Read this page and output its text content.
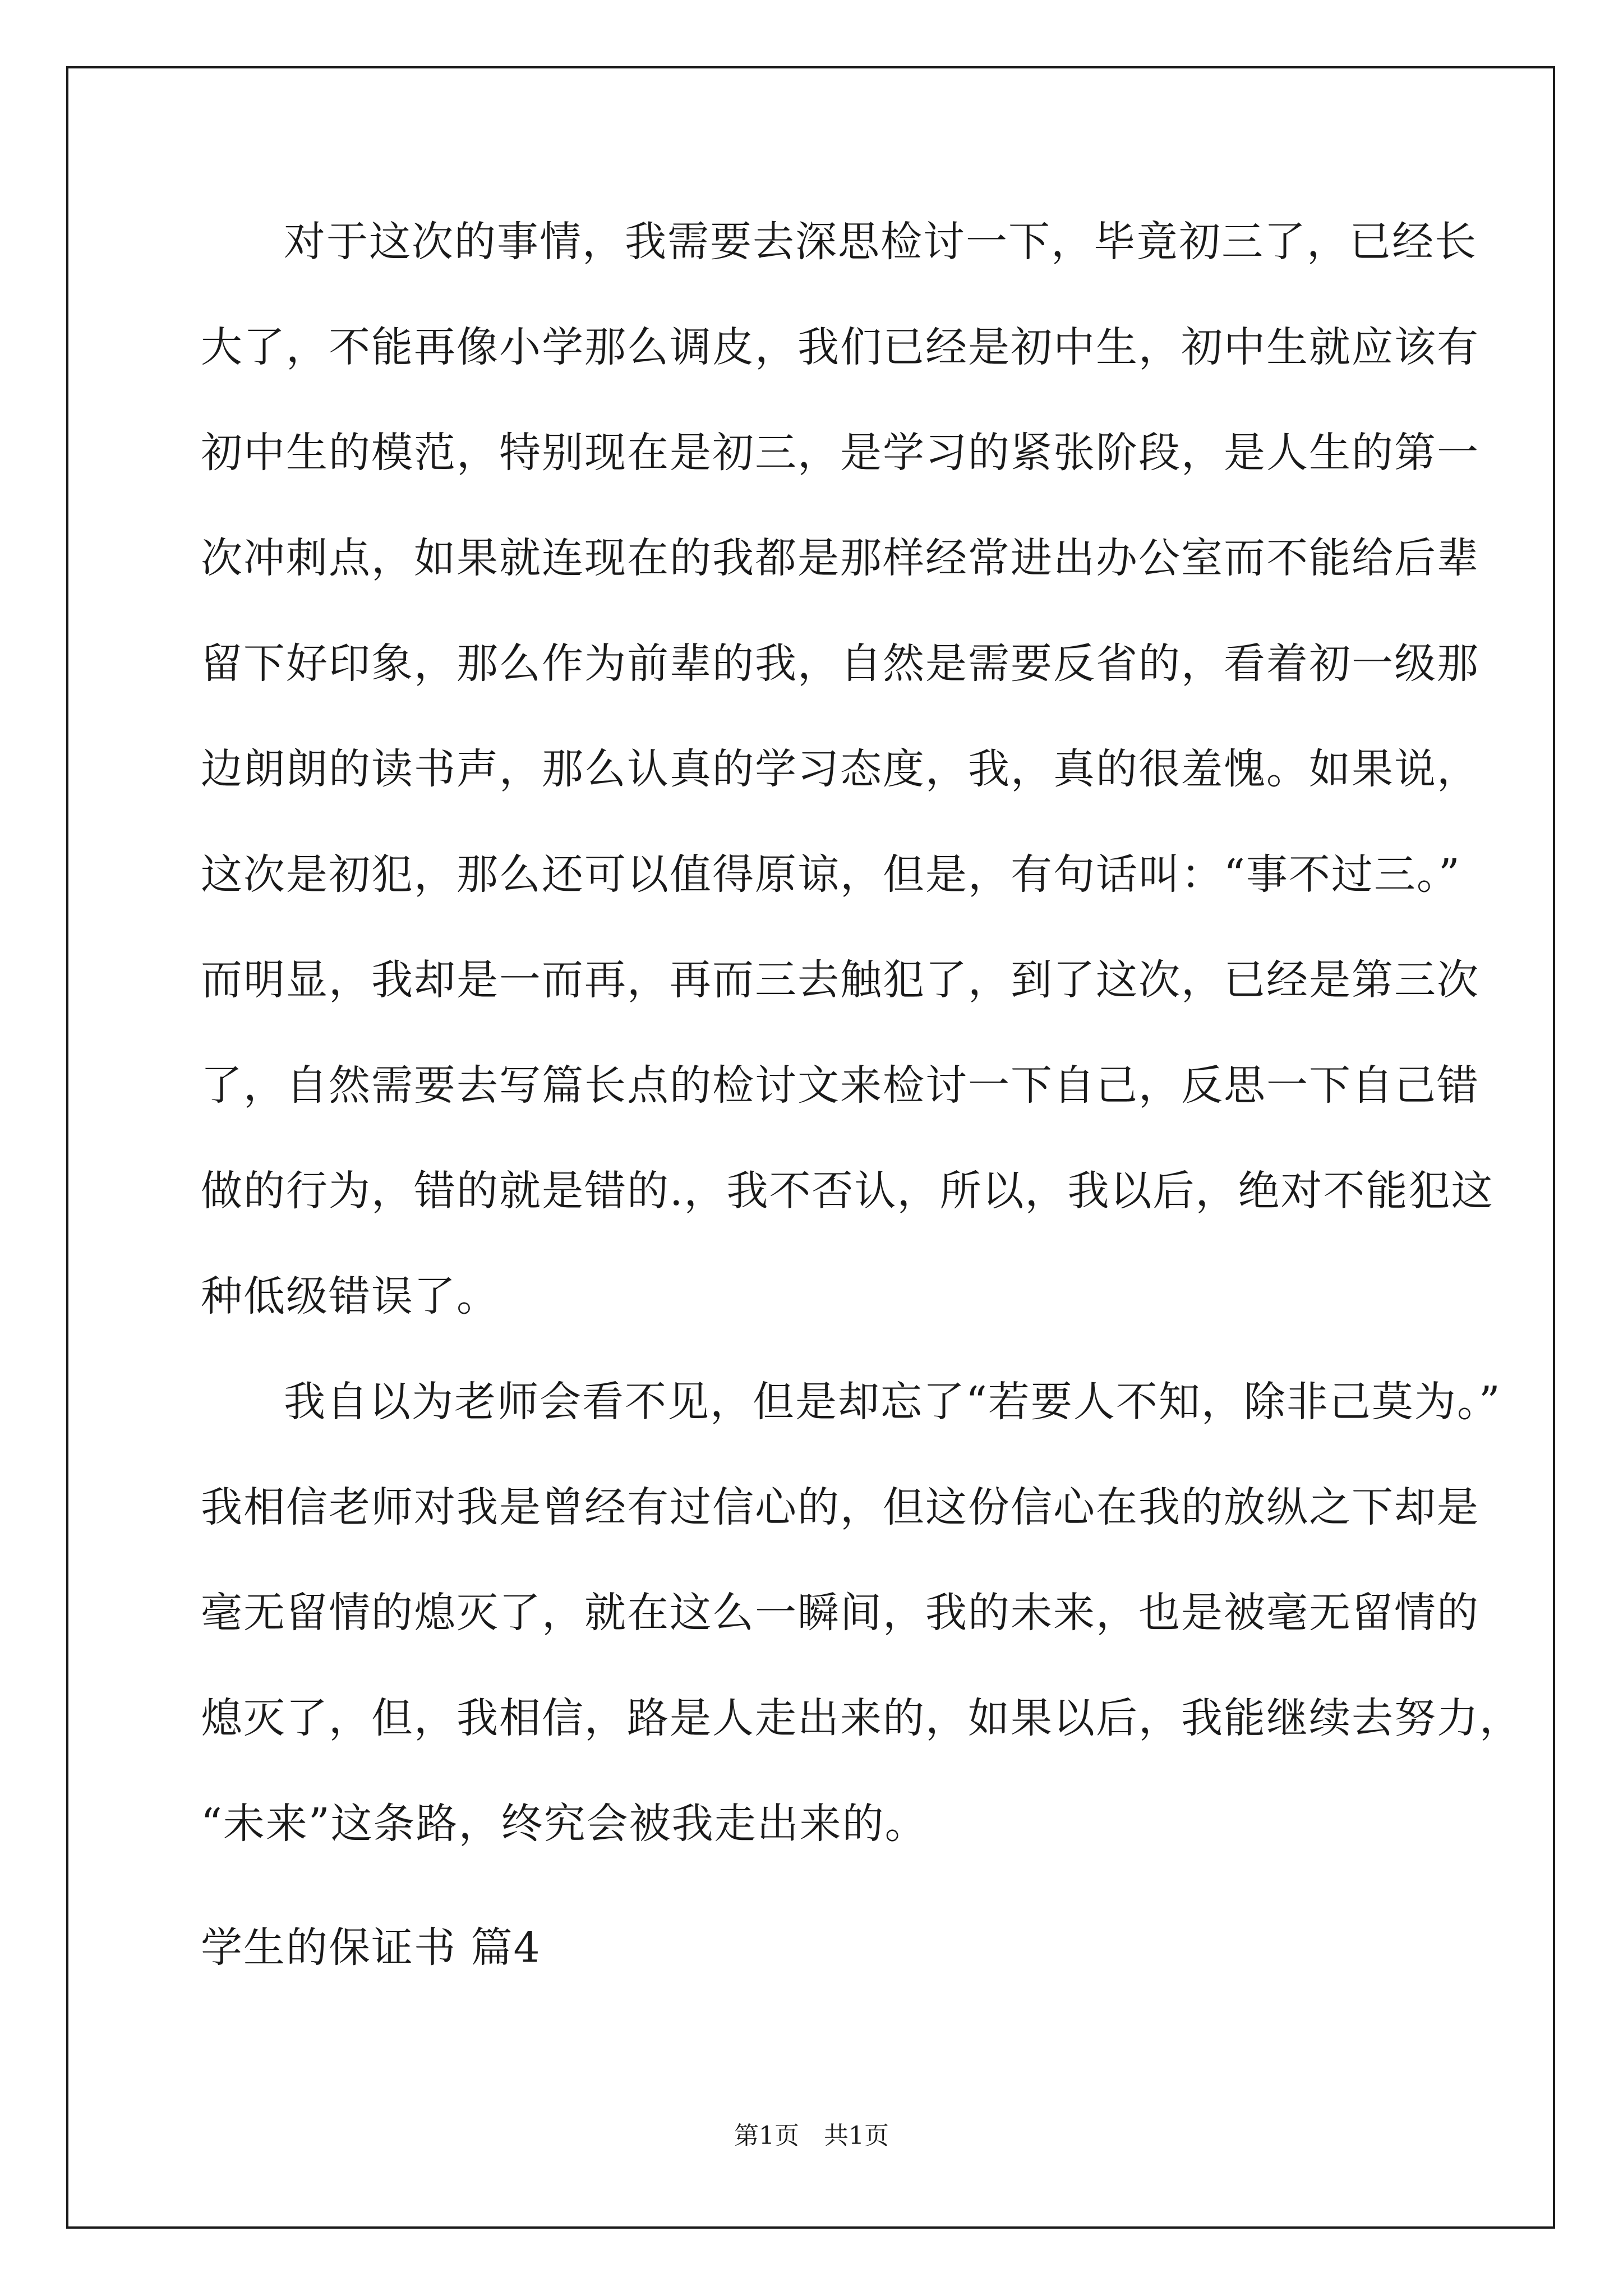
对于这次的事情，我需要去深思检讨一下，毕竟初三了，已经长
大了，不能再像小学那么调皮，我们已经是初中生，初中生就应该有
初中生的模范，特别现在是初三，是学习的紧张阶段，是人生的第一
次冲刺点，如果就连现在的我都是那样经常进出办公室而不能给后辈
留下好印象，那么作为前辈的我，自然是需要反省的，看着初一级那
边朗朗的读书声，那么认真的学习态度，我，真的很羞愧。如果说，
这次是初犯，那么还可以值得原谅，但是，有句话叫：“事不过三。”
而明显，我却是一而再，再而三去触犯了，到了这次，已经是第三次
了，自然需要去写篇长点的检讨文来检讨一下自己，反思一下自己错
做的行为，错的就是错的.，我不否认，所以，我以后，绝对不能犯这
种低级错误了。
我自以为老师会看不见，但是却忘了“若要人不知，除非己莫为。”
我相信老师对我是曾经有过信心的，但这份信心在我的放纵之下却是
毫无留情的熄灭了，就在这么一瞬间，我的未来，也是被毫无留情的
熄灭了，但，我相信，路是人走出来的，如果以后，我能继续去努力，
“未来”这条路，终究会被我走出来的。
学生的保证书 篇4
第1页　共1页
